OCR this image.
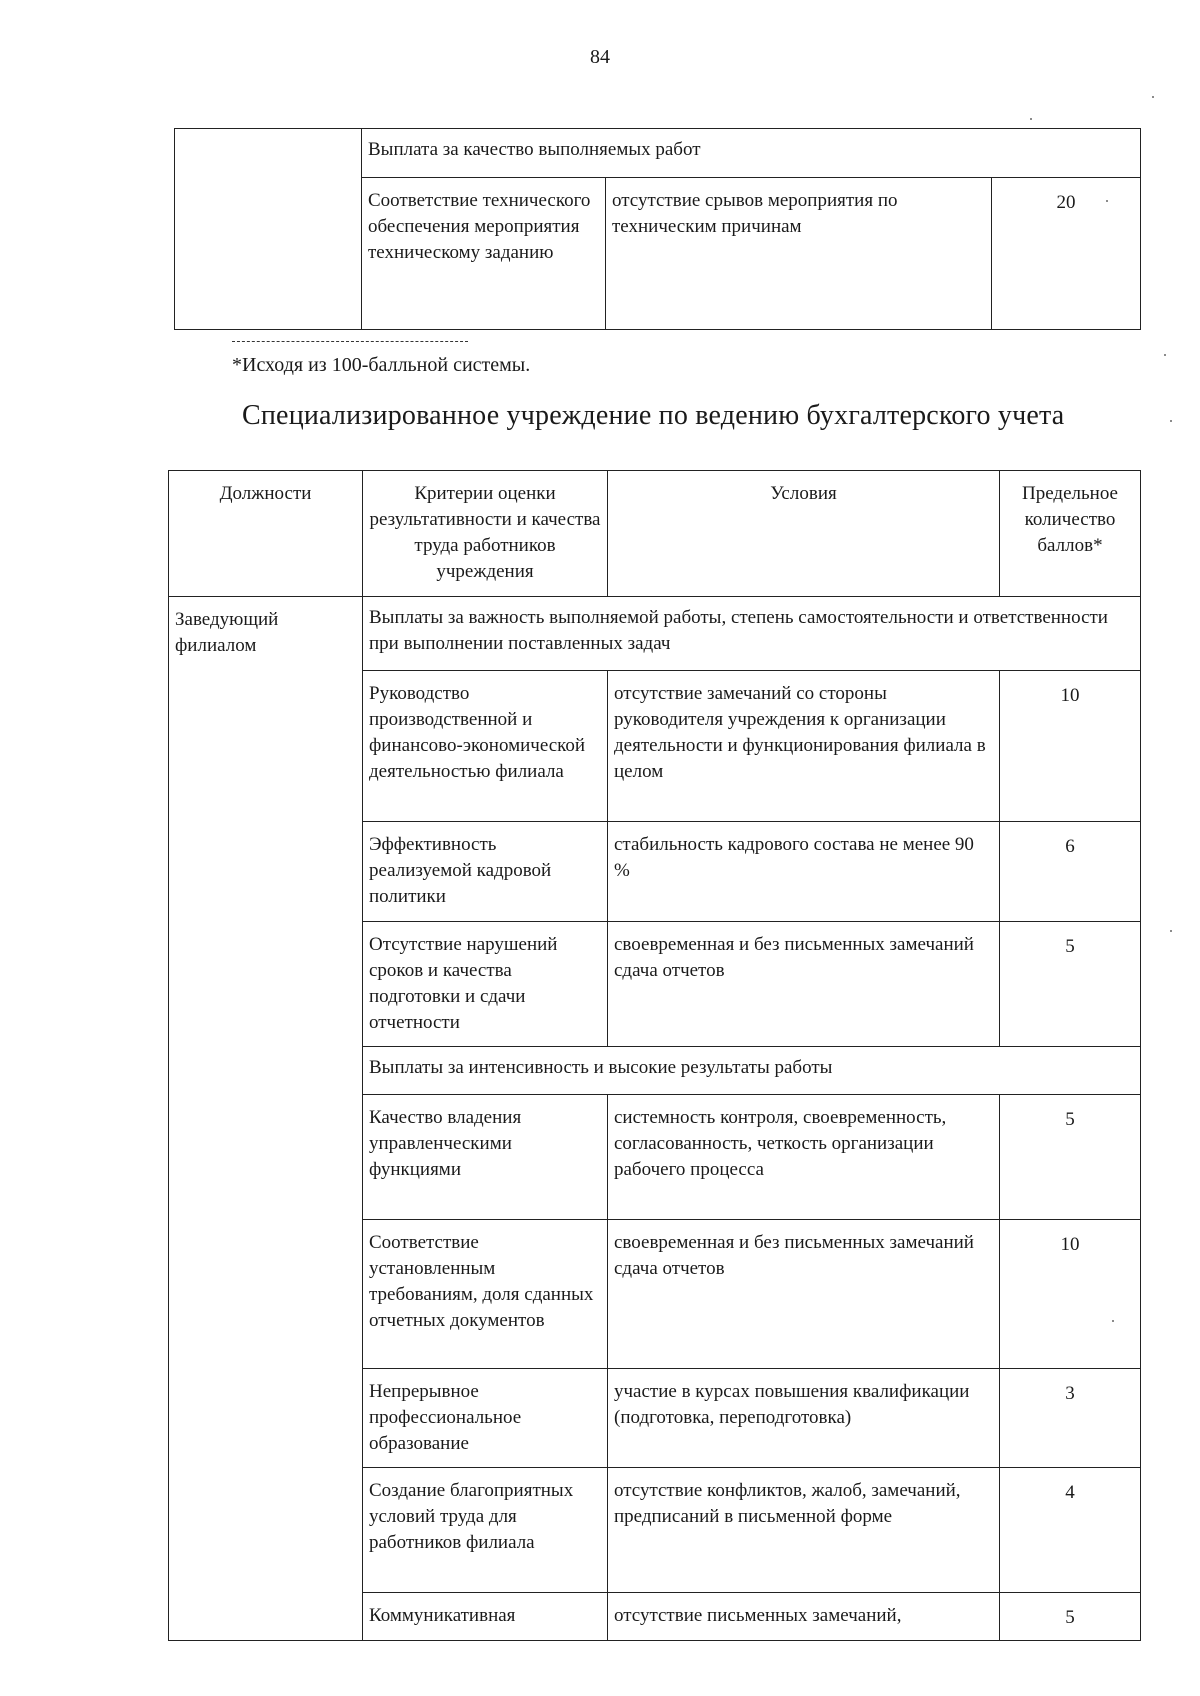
84

	Выплата за качество выполняемых работ		

	Соответствие технического обеспечения мероприятия техническому заданию	отсутствие срывов мероприятия по техническим причинам	20
*Исходя из 100-балльной системы.
Специализированное учреждение по ведению бухгалтерского учета
Должности	Критерии оценки результативности и качества труда работников учреждения	Условия	Предельное количество баллов*

Заведующий филиалом	Выплаты за важность выполняемой работы, степень самостоятельности и ответственности при выполнении поставленных задач		

	Руководство производственной и финансово-экономической деятельностью филиала	отсутствие замечаний со стороны руководителя учреждения к организации деятельности и функционирования филиала в целом	10

	Эффективность реализуемой кадровой политики	стабильность кадрового состава не менее 90 %	6

	Отсутствие нарушений сроков и качества подготовки и сдачи отчетности	своевременная и без письменных замечаний сдача отчетов	5

	Выплаты за интенсивность и высокие результаты работы		

	Качество владения управленческими функциями	системность контроля, своевременность, согласованность, четкость организации рабочего процесса	5

	Соответствие установленным требованиям, доля сданных отчетных документов	своевременная и без письменных замечаний сдача отчетов	10

	Непрерывное профессиональное образование	участие в курсах повышения квалификации (подготовка, переподготовка)	3

	Создание благоприятных условий труда для работников филиала	отсутствие конфликтов, жалоб, замечаний, предписаний в письменной форме	4

	Коммуникативная	отсутствие письменных замечаний,	5
